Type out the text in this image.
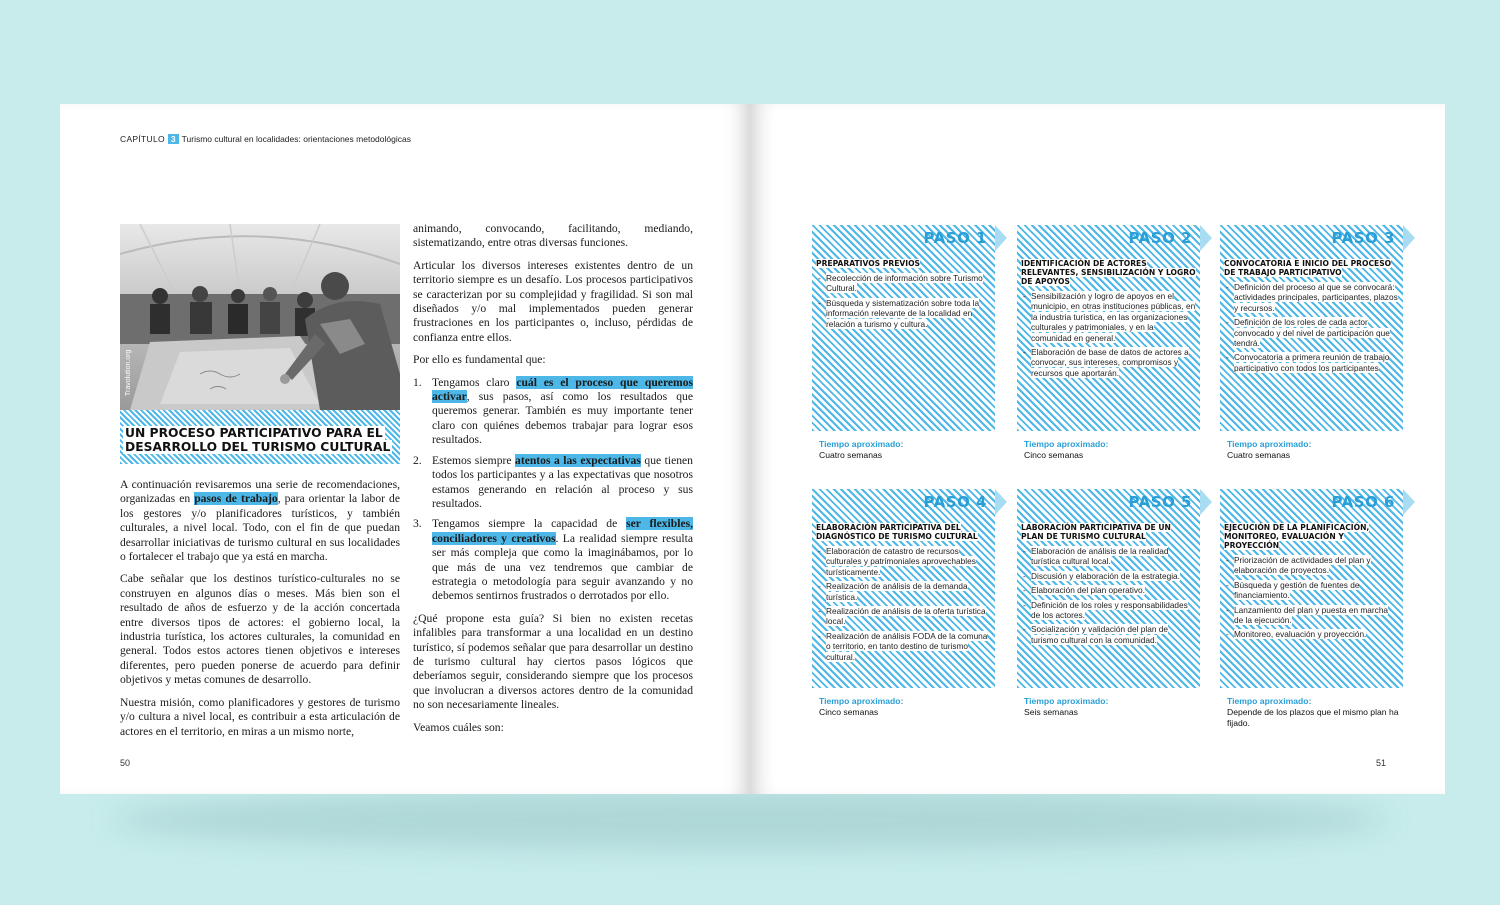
CAPÍTULO 3 Turismo cultural en localidades: orientaciones metodológicas
Travolution.org
UN PROCESO PARTICIPATIVO PARA EL DESARROLLO DEL TURISMO CULTURAL

A continuación revisaremos una serie de recomendaciones, organizadas en pasos de trabajo, para orientar la labor de los gestores y/o planificadores turísticos, y también culturales, a nivel local. Todo, con el fin de que puedan desarrollar iniciativas de turismo cultural en sus localidades o fortalecer el trabajo que ya está en marcha.

Cabe señalar que los destinos turístico-culturales no se construyen en algunos días o meses. Más bien son el resultado de años de esfuerzo y de la acción concertada entre diversos tipos de actores: el gobierno local, la industria turística, los actores culturales, la comunidad en general. Todos estos actores tienen objetivos e intereses diferentes, pero pueden ponerse de acuerdo para definir objetivos y metas comunes de desarrollo.

Nuestra misión, como planificadores y gestores de turismo y/o cultura a nivel local, es contribuir a esta articulación de actores en el territorio, en miras a un mismo norte,

animando, convocando, facilitando, mediando, sistematizando, entre otras diversas funciones.

Articular los diversos intereses existentes dentro de un territorio siempre es un desafío. Los procesos participativos se caracterizan por su complejidad y fragilidad. Si son mal diseñados y/o mal implementados pueden generar frustraciones en los participantes o, incluso, pérdidas de confianza entre ellos.

Por ello es fundamental que:

1. Tengamos claro cuál es el proceso que queremos activar, sus pasos, así como los resultados que queremos generar. También es muy importante tener claro con quiénes debemos trabajar para lograr esos resultados.
2. Estemos siempre atentos a las expectativas que tienen todos los participantes y a las expectativas que nosotros estamos generando en relación al proceso y sus resultados.
3. Tengamos siempre la capacidad de ser flexibles, conciliadores y creativos. La realidad siempre resulta ser más compleja que como la imaginábamos, por lo que más de una vez tendremos que cambiar de estrategia o metodología para seguir avanzando y no debemos sentirnos frustrados o derrotados por ello.

¿Qué propone esta guía? Si bien no existen recetas infalibles para transformar a una localidad en un destino turístico, sí podemos señalar que para desarrollar un destino de turismo cultural hay ciertos pasos lógicos que deberíamos seguir, considerando siempre que los procesos que involucran a diversos actores dentro de la comunidad no son necesariamente lineales.

Veamos cuáles son:

50
PASO 1
PREPARATIVOS PREVIOS
- Recolección de información sobre Turismo Cultural.
- Búsqueda y sistematización sobre toda la información relevante de la localidad en relación a turismo y cultura.
Tiempo aproximado:
Cuatro semanas
PASO 2
IDENTIFICACIÓN DE ACTORES RELEVANTES, SENSIBILIZACIÓN Y LOGRO DE APOYOS
- Sensibilización y logro de apoyos en el municipio, en otras instituciones públicas, en la industria turística, en las organizaciones culturales y patrimoniales, y en la comunidad en general.
- Elaboración de base de datos de actores a convocar, sus intereses, compromisos y recursos que aportarán.
Tiempo aproximado:
Cinco semanas
PASO 3
CONVOCATORIA E INICIO DEL PROCESO DE TRABAJO PARTICIPATIVO
- Definición del proceso al que se convocará: actividades principales, participantes, plazos y recursos.
- Definición de los roles de cada actor convocado y del nivel de participación que tendrá.
- Convocatoria a primera reunión de trabajo participativo con todos los participantes
Tiempo aproximado:
Cuatro semanas
PASO 4
ELABORACIÓN PARTICIPATIVA DEL DIAGNÓSTICO DE TURISMO CULTURAL
- Elaboración de catastro de recursos culturales y patrimoniales aprovechables turísticamente.
- Realización de análisis de la demanda turística.
- Realización de análisis de la oferta turística local.
- Realización de análisis FODA de la comuna o territorio, en tanto destino de turismo cultural.
Tiempo aproximado:
Cinco semanas
PASO 5
LABORACIÓN PARTICIPATIVA DE UN PLAN DE TURISMO CULTURAL
- Elaboración de análisis de la realidad turística cultural local.
- Discusión y elaboración de la estrategia.
- Elaboración del plan operativo.
- Definición de los roles y responsabilidades de los actores.
- Socialización y validación del plan de turismo cultural con la comunidad.
Tiempo aproximado:
Seis semanas
PASO 6
EJECUCIÓN DE LA PLANIFICACIÓN, MONITOREO, EVALUACIÓN Y PROYECCIÓN
- Priorización de actividades del plan y elaboración de proyectos.
- Búsqueda y gestión de fuentes de financiamiento.
- Lanzamiento del plan y puesta en marcha de la ejecución.
- Monitoreo, evaluación y proyección.
Tiempo aproximado:
Depende de los plazos que el mismo plan ha fijado.
51
